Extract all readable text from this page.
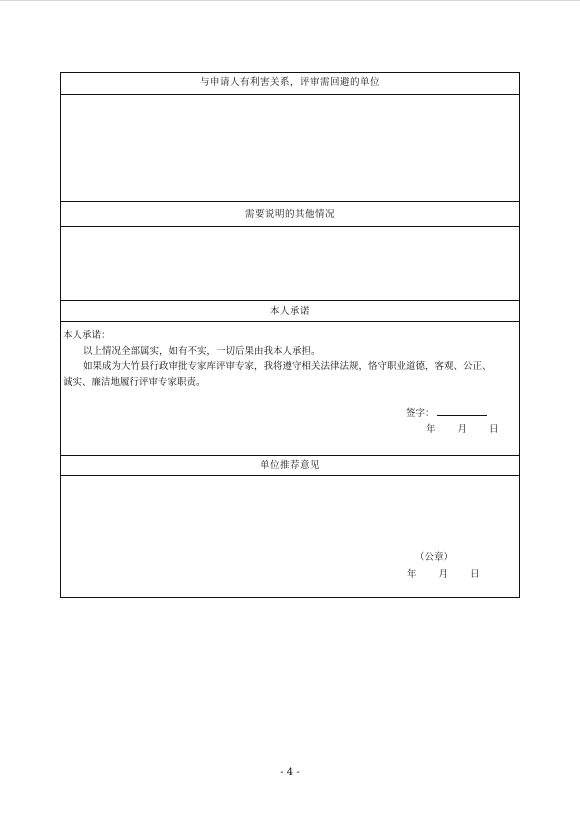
与申请人有利害关系，评审需回避的单位
需要说明的其他情况
本人承诺
本人承诺：
以上情况全部属实，如有不实，一切后果由我本人承担。
如果成为大竹县行政审批专家库评审专家，我将遵守相关法律法规，恪守职业道德，客观、公正、
诚实、廉洁地履行评审专家职责。
签字：
年 月 日
单位推荐意见
（公章）
年 月 日
- 4 -
